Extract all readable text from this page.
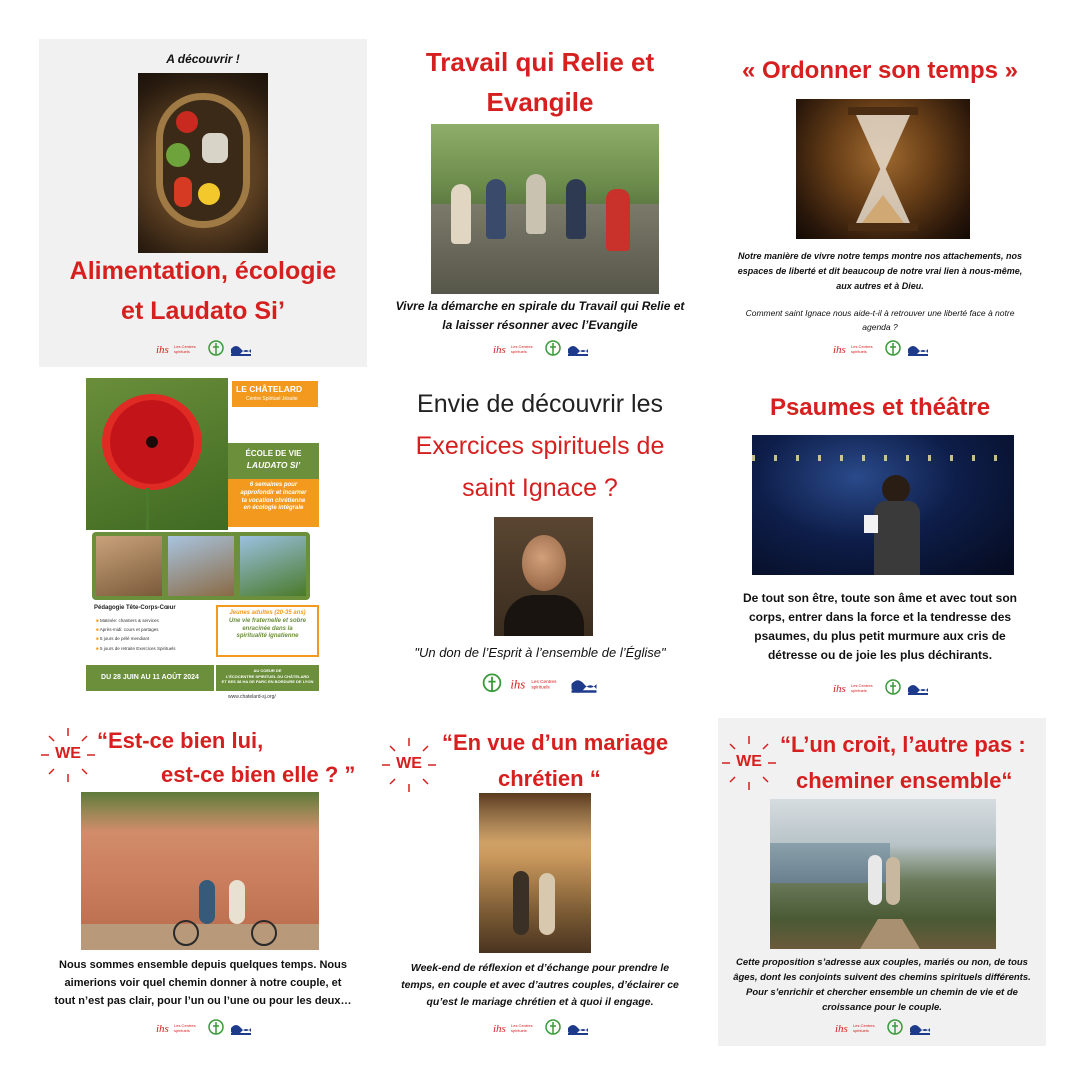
A découvrir !
Alimentation, écologie
et Laudato Si’
ihs Les Centres
spirituels
Travail qui Relie et
Evangile
Vivre la démarche en spirale du Travail qui Relie et
la laisser résonner avec l’Evangile
ihs Les Centres
spirituels
« Ordonner son temps »
Notre manière de vivre notre temps montre nos attachements, nos
espaces de liberté et dit beaucoup de notre vrai lien à nous-même,
aux autres et à Dieu.
Comment saint Ignace nous aide-t-il à retrouver une liberté face à notre
agenda ?
ihs Les Centres
spirituels
LE CHÂTELARD
Centre Spirituel Jésuite
ÉCOLE DE VIE
LAUDATO SI’
6 semaines pour
approfondir et incarner
ta vocation chrétienne
en écologie intégrale
Pédagogie Tête-Corps-Cœur
■ Matinée: chantiers & services
■ Après-midi: cours et partages
■ 5 jours de pélé mendiant
■ 5 jours de retraite Exercices Spirituels
Jeunes adultes (20-35 ans)
Une vie fraternelle et sobre
enracinée dans la
spiritualité ignatienne
DU 28 JUIN AU 11 AOÛT 2024
AU COEUR DE
L’ÉCOCENTRE SPIRITUEL DU CHÂTELARD
ET SES 38 HA DE PARC EN BORDURE DE LYON
www.chatelard-sj.org/
Envie de découvrir les
Exercices spirituels de
saint Ignace ?
"Un don de l’Esprit à l’ensemble de l’Église"
ihs Les Centres
spirituels
Psaumes et théâtre
De tout son être, toute son âme et avec tout son
corps, entrer dans la force et la tendresse des
psaumes, du plus petit murmure aux cris de
détresse ou de joie les plus déchirants.
ihs Les Centres
spirituels
WE
“Est-ce bien lui,
est-ce bien elle ? ”
Nous sommes ensemble depuis quelques temps. Nous
aimerions voir quel chemin donner à notre couple, et
tout n’est pas clair, pour l’un ou l’une ou pour les deux…
ihs Les Centres
spirituels
WE
“En vue d’un mariage
chrétien “
Week-end de réflexion et d’échange pour prendre le
temps, en couple et avec d’autres couples, d’éclairer ce
qu’est le mariage chrétien et à quoi il engage.
ihs Les Centres
spirituels
WE
“L’un croit, l’autre pas :
cheminer ensemble“
Cette proposition s’adresse aux couples, mariés ou non, de tous
âges, dont les conjoints suivent des chemins spirituels différents.
Pour s’enrichir et chercher ensemble un chemin de vie et de
croissance pour le couple.
ihs Les Centres
spirituels
